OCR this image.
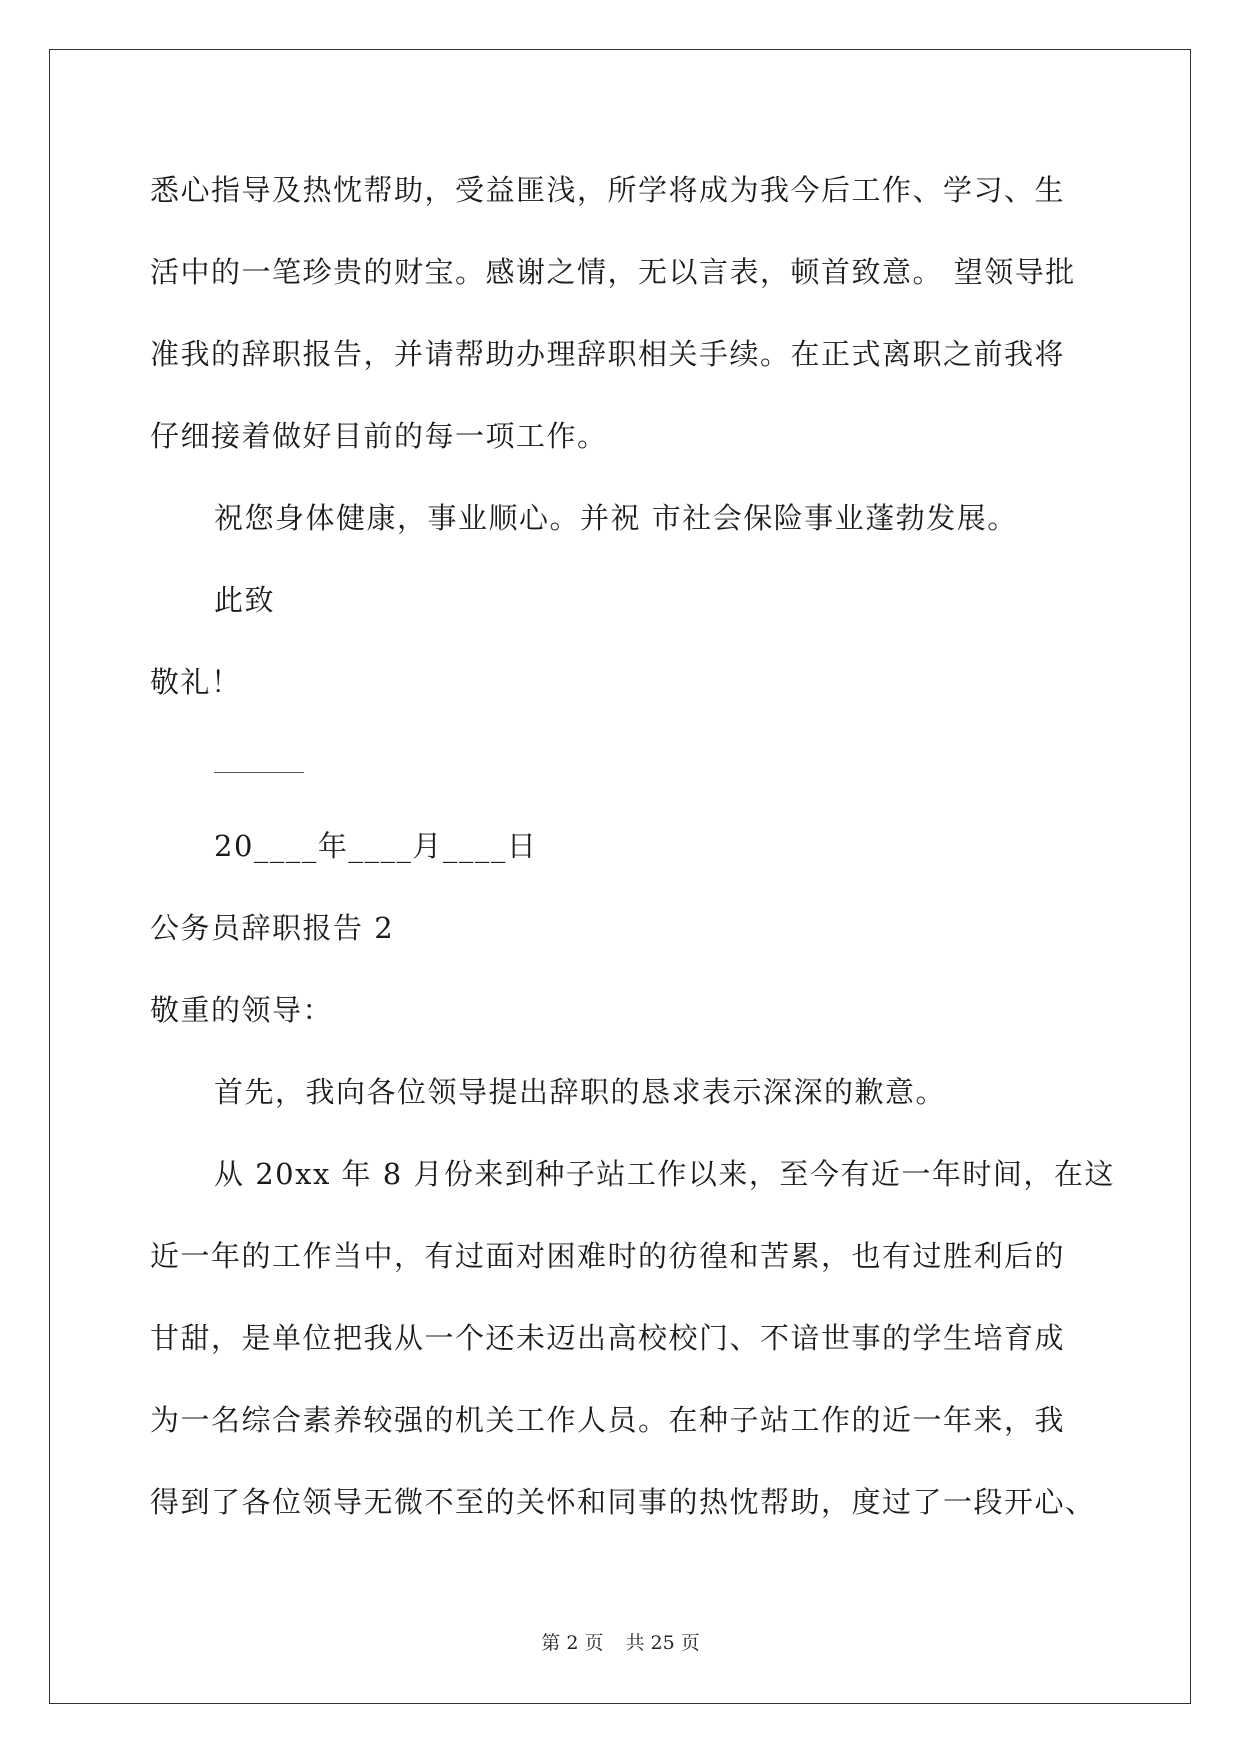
悉心指导及热忱帮助，受益匪浅，所学将成为我今后工作、学习、生
活中的一笔珍贵的财宝。感谢之情，无以言表，顿首致意。 望领导批
准我的辞职报告，并请帮助办理辞职相关手续。在正式离职之前我将
仔细接着做好目前的每一项工作。
祝您身体健康，事业顺心。并祝 市社会保险事业蓬勃发展。
此致
敬礼！
20____年____月____日
公务员辞职报告 2
敬重的领导：
首先，我向各位领导提出辞职的恳求表示深深的歉意。
从 20xx 年 8 月份来到种子站工作以来，至今有近一年时间，在这
近一年的工作当中，有过面对困难时的彷徨和苦累，也有过胜利后的
甘甜，是单位把我从一个还未迈出高校校门、不谙世事的学生培育成
为一名综合素养较强的机关工作人员。在种子站工作的近一年来，我
得到了各位领导无微不至的关怀和同事的热忱帮助，度过了一段开心、
第 2 页 共 25 页
